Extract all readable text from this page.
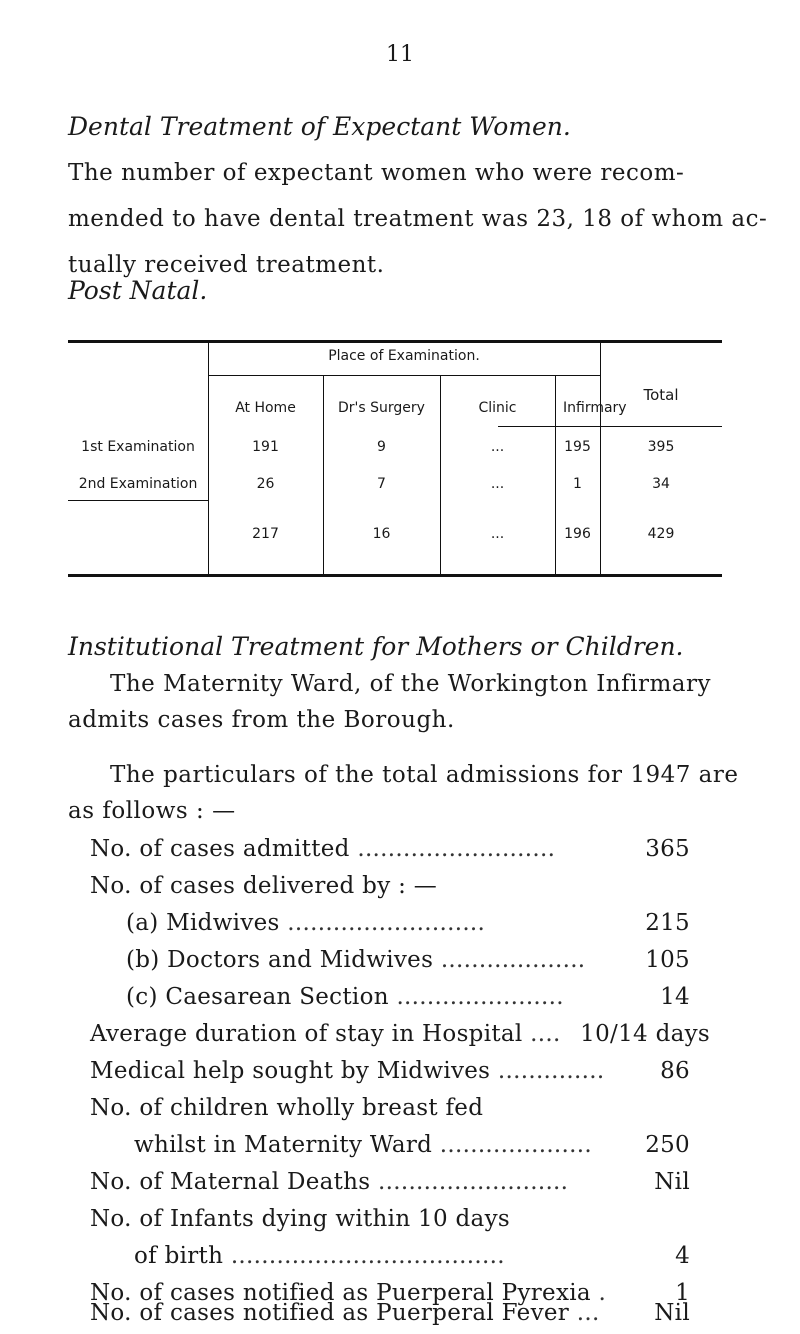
11
Dental Treatment of Expectant Women.
The number of expectant women who were recom-
mended to have dental treatment was 23, 18 of whom ac-
tually received treatment.
Post Natal.
Place of Examination.
Total
At Home	Dr's Surgery	Clinic	Infirmary
1st Examination	191	9	...	195	395
2nd Examination	26	7	...	1	34
217	16	...	196	429
Institutional Treatment for Mothers or Children.
The Maternity Ward, of the Workington Infirmary
admits cases from the Borough.
The particulars of the total admissions for 1947 are
as follows : —
No. of cases admitted ..........................	365
No. of cases delivered by : —
(a) Midwives ..........................	215
(b) Doctors and Midwives ...................	105
(c) Caesarean Section ......................	14
Average duration of stay in Hospital .... 10/14 days
Medical help sought by Midwives .............. 86
No. of children wholly breast fed
whilst in Maternity Ward .................... 250
No. of Maternal Deaths .........................	Nil
No. of Infants dying within 10 days
of birth ....................................	4
No. of cases notified as Puerperal Pyrexia .	1
No. of cases notified as Puerperal Fever ... Nil
